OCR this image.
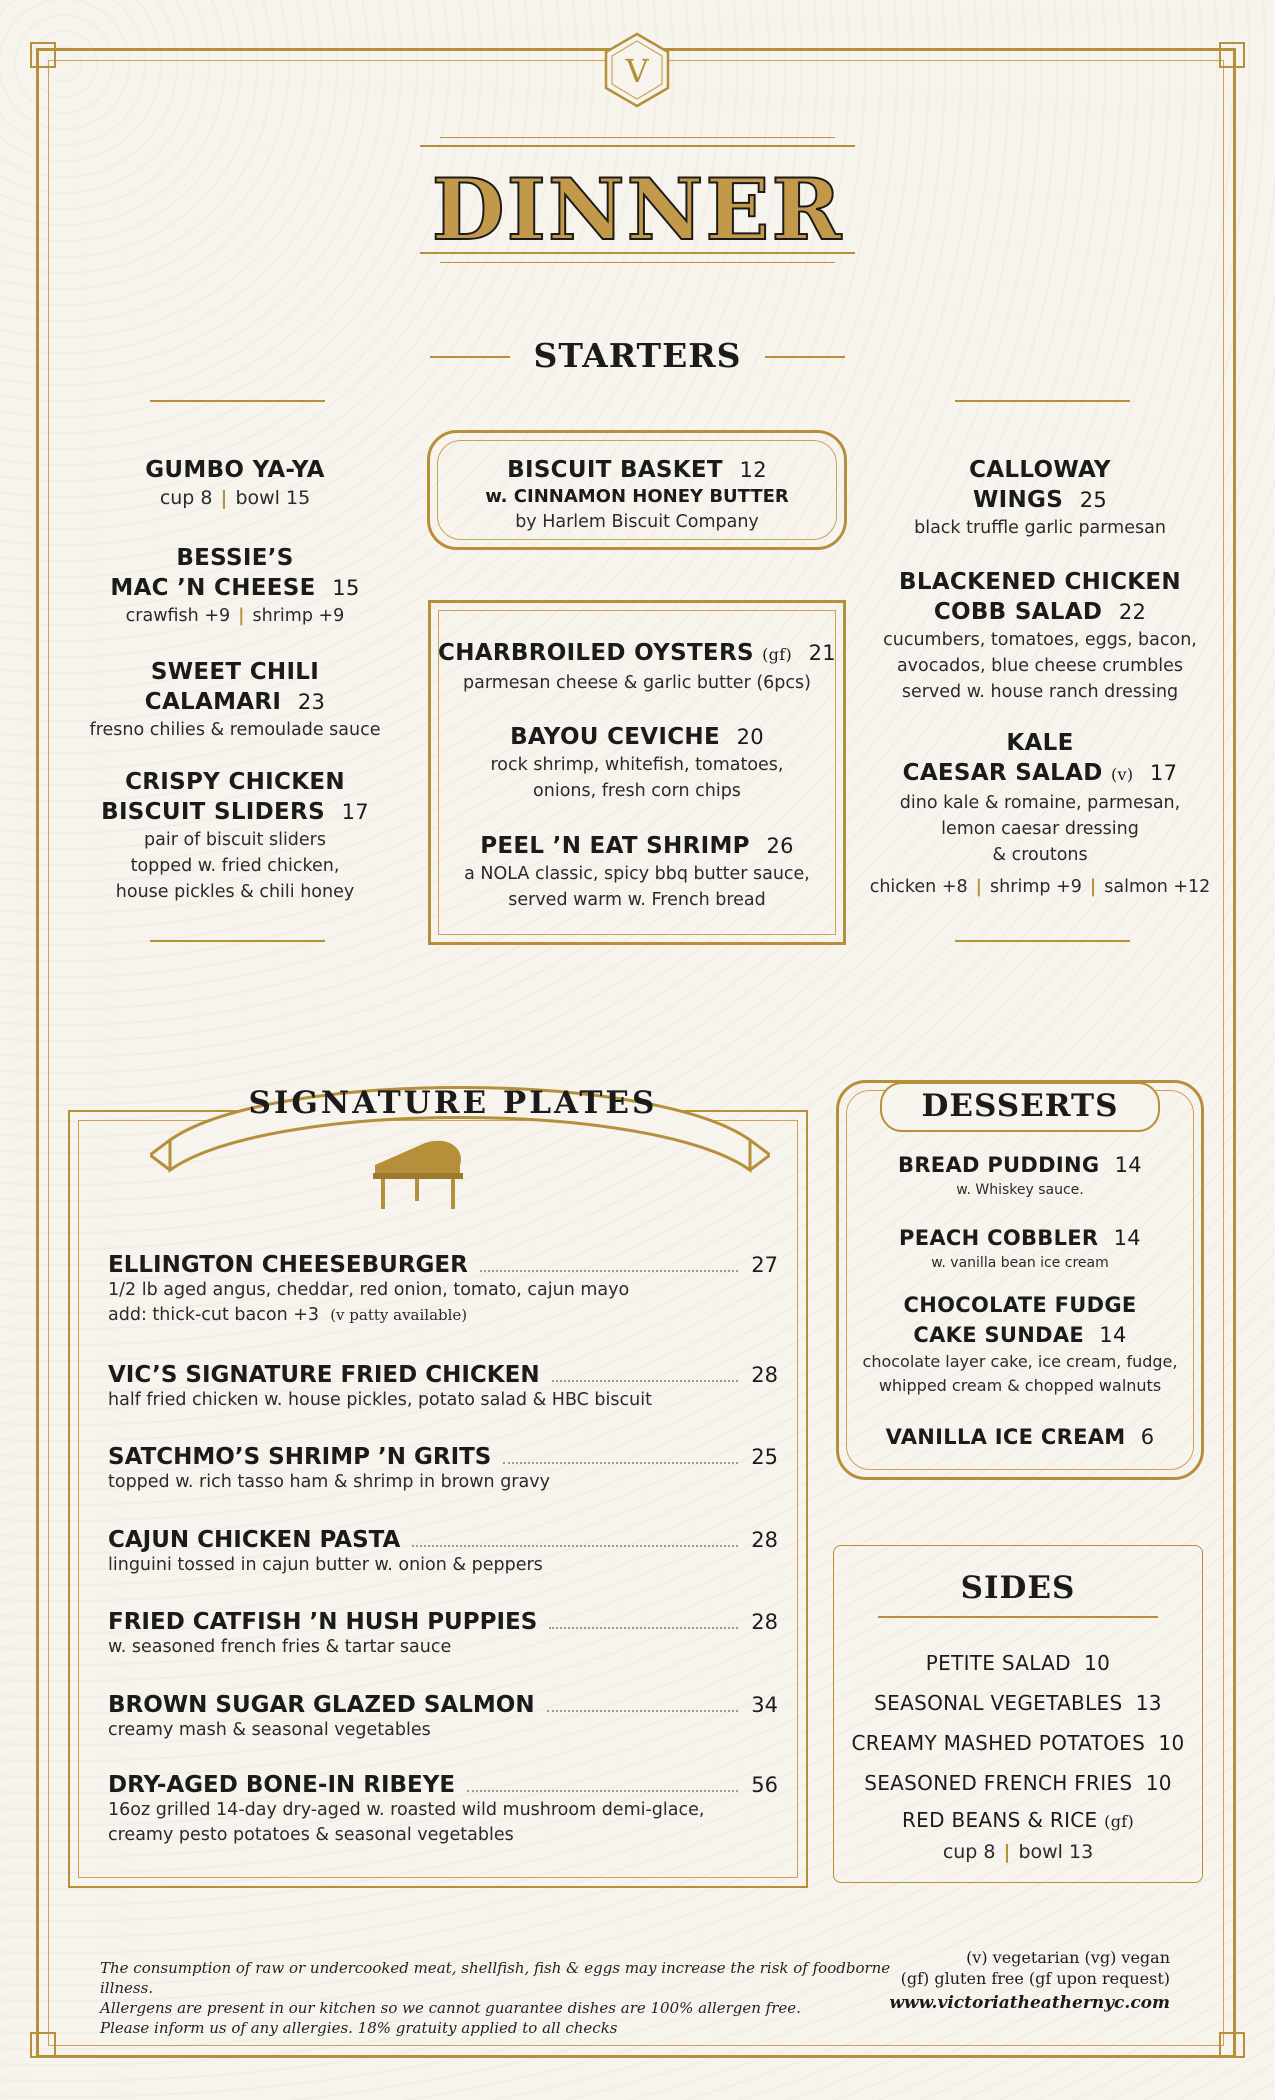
V
DINNER
STARTERS
GUMBO YA-YA
cup 8 | bowl 15
BESSIE’S
MAC ’N CHEESE 15
crawfish +9 | shrimp +9
SWEET CHILI
CALAMARI 23
fresno chilies & remoulade sauce
CRISPY CHICKEN
BISCUIT SLIDERS 17
pair of biscuit sliders
topped w. fried chicken,
house pickles & chili honey
BISCUIT BASKET 12
w. CINNAMON HONEY BUTTER
by Harlem Biscuit Company
CHARBROILED OYSTERS (gf) 21
parmesan cheese & garlic butter (6pcs)
BAYOU CEVICHE 20
rock shrimp, whitefish, tomatoes,
onions, fresh corn chips
PEEL ’N EAT SHRIMP 26
a NOLA classic, spicy bbq butter sauce,
served warm w. French bread
CALLOWAY
WINGS 25
black truffle garlic parmesan
BLACKENED CHICKEN
COBB SALAD 22
cucumbers, tomatoes, eggs, bacon,
avocados, blue cheese crumbles
served w. house ranch dressing
KALE
CAESAR SALAD (v) 17
dino kale & romaine, parmesan,
lemon caesar dressing
& croutons
chicken +8 | shrimp +9 | salmon +12
SIGNATURE PLATES
ELLINGTON CHEESEBURGER	27
1/2 lb aged angus, cheddar, red onion, tomato, cajun mayo
add: thick-cut bacon +3 (v patty available)
VIC’S SIGNATURE FRIED CHICKEN	28
half fried chicken w. house pickles, potato salad & HBC biscuit
SATCHMO’S SHRIMP ’N GRITS	25
topped w. rich tasso ham & shrimp in brown gravy
CAJUN CHICKEN PASTA	28
linguini tossed in cajun butter w. onion & peppers
FRIED CATFISH ’N HUSH PUPPIES	28
w. seasoned french fries & tartar sauce
BROWN SUGAR GLAZED SALMON	34
creamy mash & seasonal vegetables
DRY-AGED BONE-IN RIBEYE	56
16oz grilled 14-day dry-aged w. roasted wild mushroom demi-glace,
creamy pesto potatoes & seasonal vegetables
DESSERTS
BREAD PUDDING 14
w. Whiskey sauce.
PEACH COBBLER 14
w. vanilla bean ice cream
CHOCOLATE FUDGE
CAKE SUNDAE 14
chocolate layer cake, ice cream, fudge,
whipped cream & chopped walnuts
VANILLA ICE CREAM 6
SIDES
PETITE SALAD 10
SEASONAL VEGETABLES 13
CREAMY MASHED POTATOES 10
SEASONED FRENCH FRIES 10
RED BEANS & RICE (gf)
cup 8 | bowl 13
The consumption of raw or undercooked meat, shellfish, fish & eggs may increase the risk of foodborne illness.
Allergens are present in our kitchen so we cannot guarantee dishes are 100% allergen free.
Please inform us of any allergies. 18% gratuity applied to all checks
(v) vegetarian (vg) vegan
(gf) gluten free (gf upon request)
www.victoriatheathernyc.com
